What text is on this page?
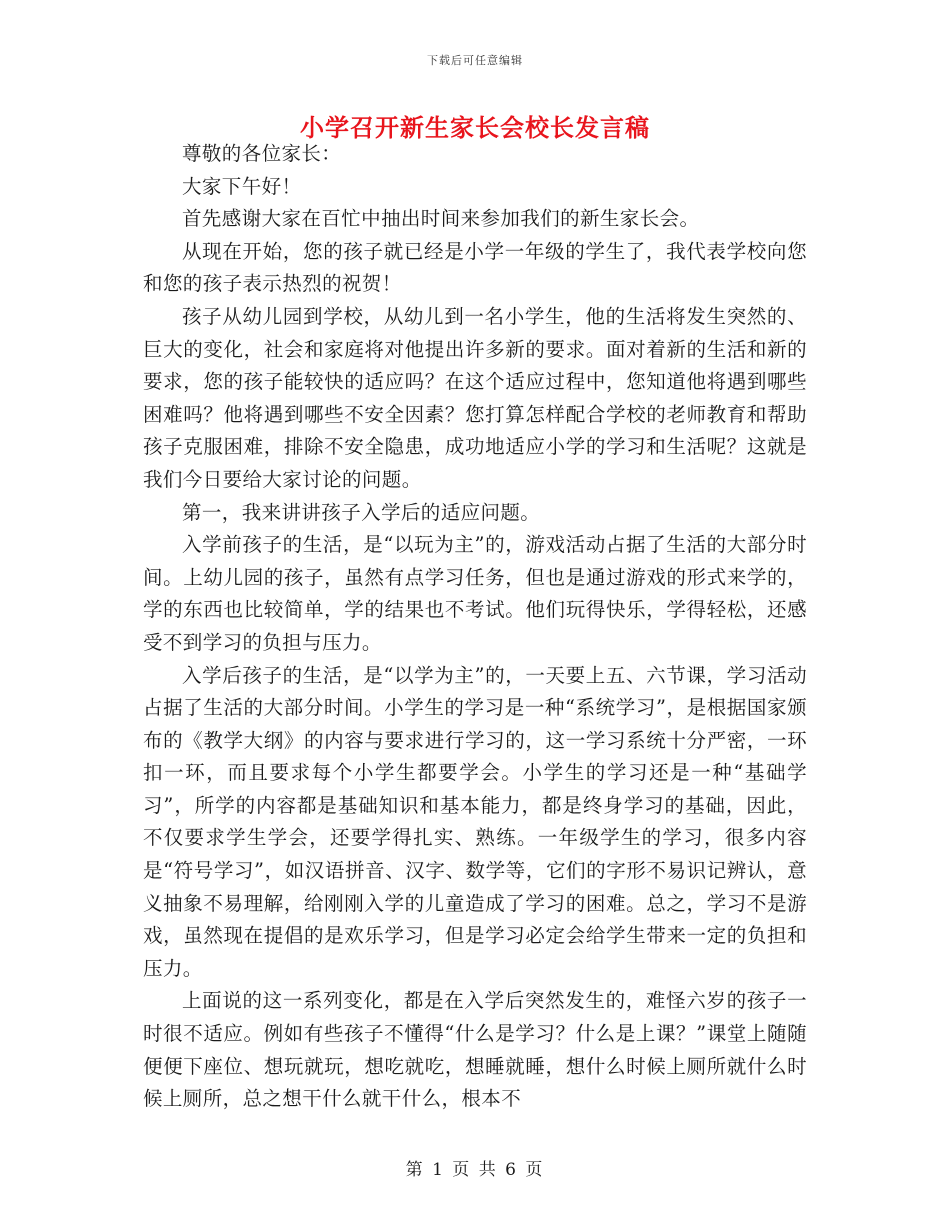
下载后可任意编辑
小学召开新生家长会校长发言稿

尊敬的各位家长：

大家下午好！

首先感谢大家在百忙中抽出时间来参加我们的新生家长会。

从现在开始，您的孩子就已经是小学一年级的学生了，我代表学校向您和您的孩子表示热烈的祝贺！

孩子从幼儿园到学校，从幼儿到一名小学生，他的生活将发生突然的、巨大的变化，社会和家庭将对他提出许多新的要求。面对着新的生活和新的要求，您的孩子能较快的适应吗？在这个适应过程中，您知道他将遇到哪些困难吗？他将遇到哪些不安全因素？您打算怎样配合学校的老师教育和帮助孩子克服困难，排除不安全隐患，成功地适应小学的学习和生活呢？这就是我们今日要给大家讨论的问题。

第一，我来讲讲孩子入学后的适应问题。

入学前孩子的生活，是“以玩为主”的，游戏活动占据了生活的大部分时间。上幼儿园的孩子，虽然有点学习任务，但也是通过游戏的形式来学的，学的东西也比较简单，学的结果也不考试。他们玩得快乐，学得轻松，还感受不到学习的负担与压力。

入学后孩子的生活，是“以学为主”的，一天要上五、六节课，学习活动占据了生活的大部分时间。小学生的学习是一种“系统学习”，是根据国家颁布的《教学大纲》的内容与要求进行学习的，这一学习系统十分严密，一环扣一环，而且要求每个小学生都要学会。小学生的学习还是一种“基础学习”，所学的内容都是基础知识和基本能力，都是终身学习的基础，因此，不仅要求学生学会，还要学得扎实、熟练。一年级学生的学习，很多内容是“符号学习”，如汉语拼音、汉字、数学等，它们的字形不易识记辨认，意义抽象不易理解，给刚刚入学的儿童造成了学习的困难。总之，学习不是游戏，虽然现在提倡的是欢乐学习，但是学习必定会给学生带来一定的负担和压力。

上面说的这一系列变化，都是在入学后突然发生的，难怪六岁的孩子一时很不适应。例如有些孩子不懂得“什么是学习？什么是上课？”课堂上随随便便下座位、想玩就玩，想吃就吃，想睡就睡，想什么时候上厕所就什么时候上厕所，总之想干什么就干什么，根本不

第 1 页 共 6 页
